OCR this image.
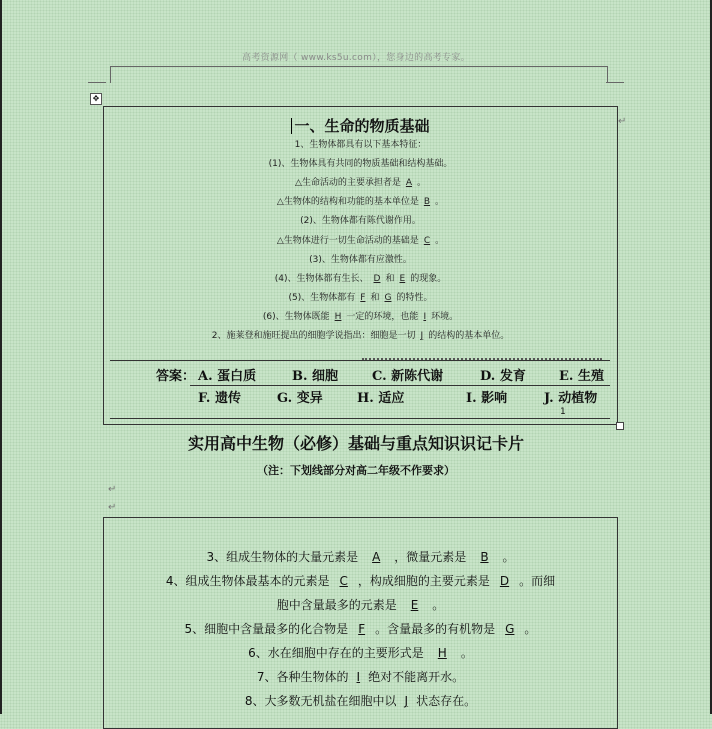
高考资源网（ www.ks5u.com），您身边的高考专家。
✥
一、生命的物质基础
1、生物体都具有以下基本特征：
(1)、生物体具有共同的物质基础和结构基础。
△生命活动的主要承担者是 A 。
△生物体的结构和功能的基本单位是 B 。
(2)、生物体都有陈代谢作用。
△生物体进行一切生命活动的基础是 C 。
(3)、生物体都有应激性。
(4)、生物体都有生长、 D 和 E 的现象。
(5)、生物体都有 F 和 G 的特性。
(6)、生物体既能 H 一定的环境，也能 I 环境。
2、施莱登和施旺提出的细胞学说指出：细胞是一切 J 的结构的基本单位。
答案： A. 蛋白质	B. 细胞	C. 新陈代谢	D. 发育	E. 生殖
F. 遗传	G. 变异	H. 适应	I. 影响	J. 动植物
1
↵
↵
↵
实用高中生物（必修）基础与重点知识识记卡片
（注：下划线部分对高二年级不作要求）
3、组成生物体的大量元素是 A ，微量元素是 B 。
4、组成生物体最基本的元素是 C ，构成细胞的主要元素是 D 。而细
胞中含量最多的元素是 E 。
5、细胞中含量最多的化合物是 F 。含量最多的有机物是 G 。
6、水在细胞中存在的主要形式是 H 。
7、各种生物体的 I 绝对不能离开水。
8、大多数无机盐在细胞中以 J 状态存在。
